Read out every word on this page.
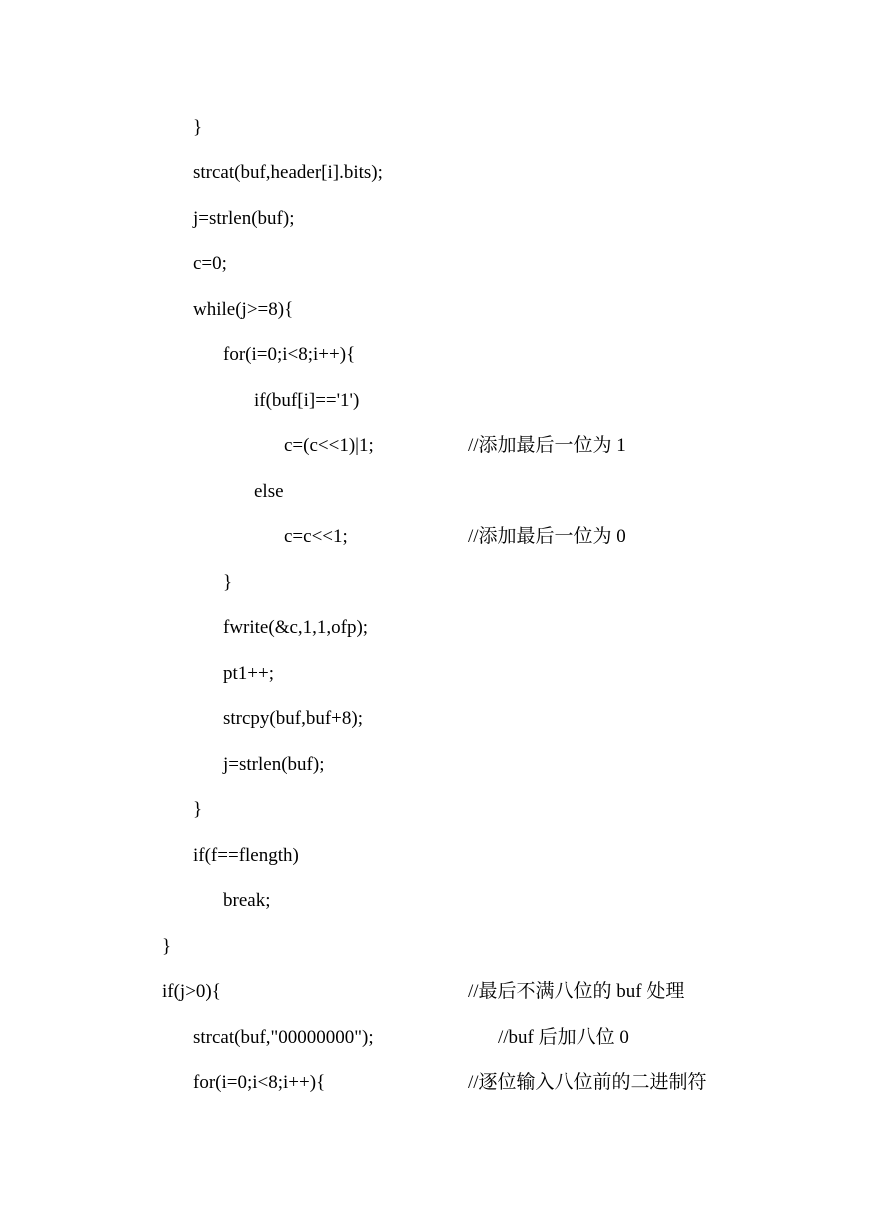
}
strcat(buf,header[i].bits);
j=strlen(buf);
c=0;
while(j>=8){
for(i=0;i<8;i++){
if(buf[i]=='1')
c=(c<<1)|1;	//添加最后一位为 1
else
c=c<<1;	//添加最后一位为 0
}
fwrite(&c,1,1,ofp);
pt1++;
strcpy(buf,buf+8);
j=strlen(buf);
}
if(f==flength)
break;
}
if(j>0){	//最后不满八位的 buf 处理
strcat(buf,"00000000");	//buf 后加八位 0
for(i=0;i<8;i++){	//逐位输入八位前的二进制符
